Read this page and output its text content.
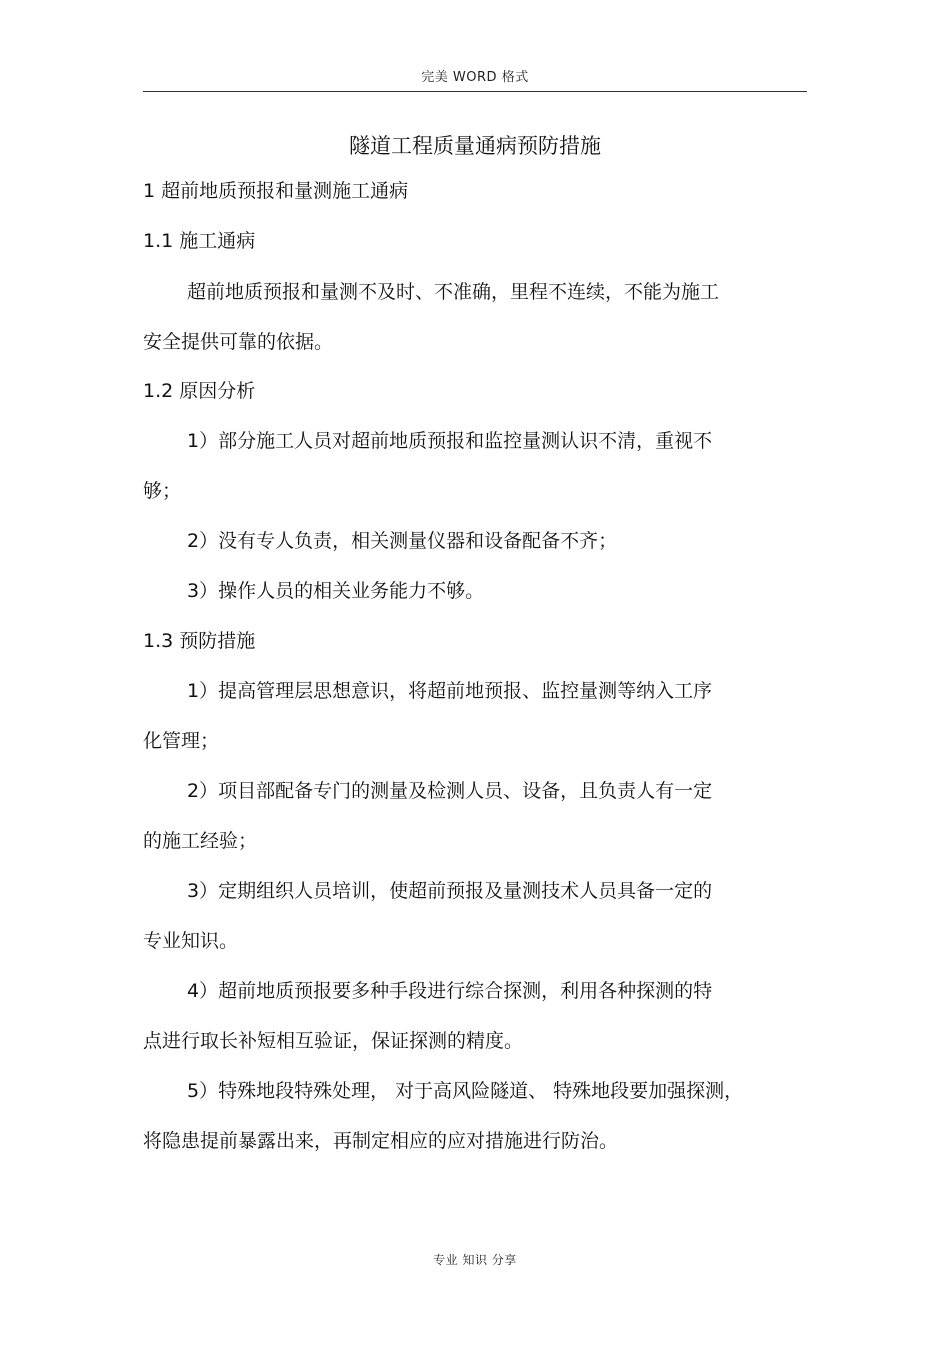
完美 WORD 格式
隧道工程质量通病预防措施
1 超前地质预报和量测施工通病
1.1 施工通病
超前地质预报和量测不及时、不准确，里程不连续，不能为施工
安全提供可靠的依据。
1.2 原因分析
1）部分施工人员对超前地质预报和监控量测认识不清，重视不
够；
2）没有专人负责，相关测量仪器和设备配备不齐；
3）操作人员的相关业务能力不够。
1.3 预防措施
1）提高管理层思想意识，将超前地预报、监控量测等纳入工序
化管理；
2）项目部配备专门的测量及检测人员、设备，且负责人有一定
的施工经验；
3）定期组织人员培训，使超前预报及量测技术人员具备一定的
专业知识。
4）超前地质预报要多种手段进行综合探测，利用各种探测的特
点进行取长补短相互验证，保证探测的精度。
5）特殊地段特殊处理， 对于高风险隧道、 特殊地段要加强探测，
将隐患提前暴露出来，再制定相应的应对措施进行防治。
专业 知识 分享
